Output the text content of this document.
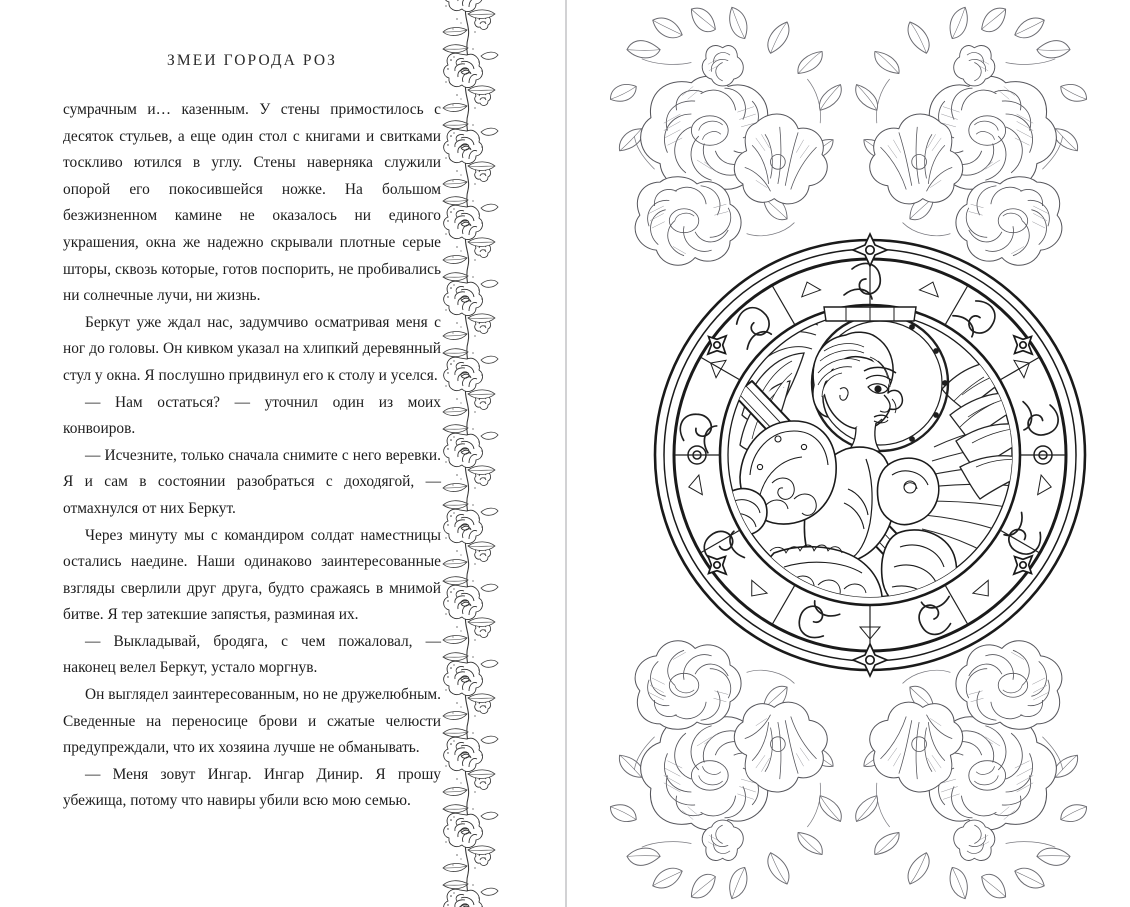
ЗМЕИ ГОРОДА РОЗ

сумрачным и… казенным. У стены примостилось с десяток стульев, а еще один стол с книгами и свитками тоскливо ютился в углу. Стены наверняка служили опорой его покосившейся ножке. На большом безжизненном камине не оказалось ни единого украшения, окна же надежно скрывали плотные серые шторы, сквозь которые, готов поспорить, не пробивались ни солнечные лучи, ни жизнь.

Беркут уже ждал нас, задумчиво осматривая меня с ног до головы. Он кивком указал на хлипкий деревянный стул у окна. Я послушно придвинул его к столу и уселся.

— Нам остаться? — уточнил один из моих конвоиров.

— Исчезните, только сначала снимите с него веревки. Я и сам в состоянии разобраться с доходягой, — отмахнулся от них Беркут.

Через минуту мы с командиром солдат наместницы остались наедине. Наши одинаково заинтересованные взгляды сверлили друг друга, будто сражаясь в мнимой битве. Я тер затекшие запястья, разминая их.

— Выкладывай, бродяга, с чем пожаловал, — наконец велел Беркут, устало моргнув.

Он выглядел заинтересованным, но не дружелюбным. Сведенные на переносице брови и сжатые челюсти предупреждали, что их хозяина лучше не обманывать.

— Меня зовут Ингар. Ингар Динир. Я прошу убежища, потому что навиры убили всю мою семью.
